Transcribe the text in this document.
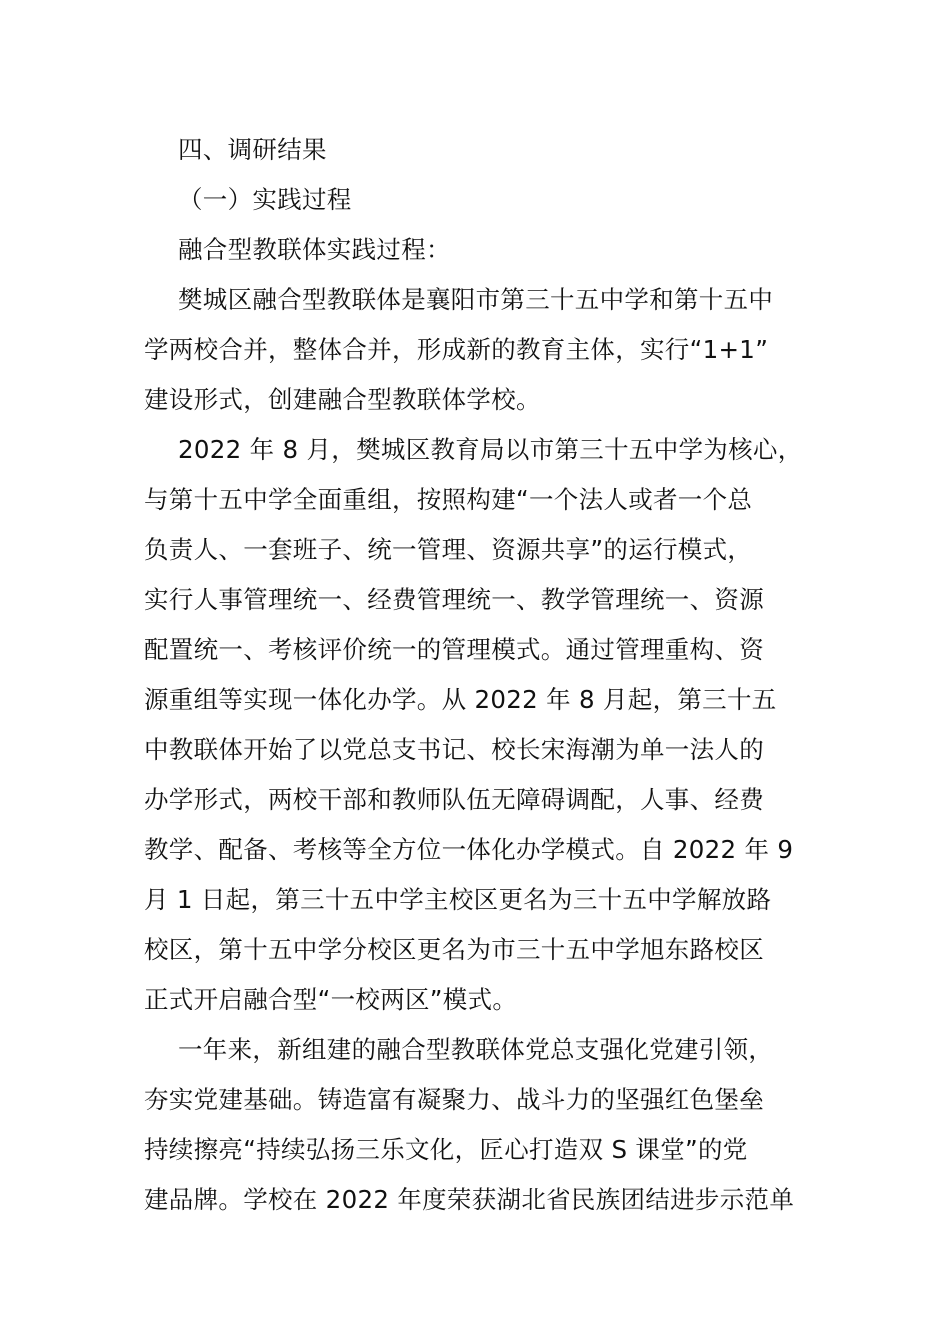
四、调研结果
（一）实践过程
融合型教联体实践过程：
樊城区融合型教联体是襄阳市第三十五中学和第十五中
学两校合并，整体合并，形成新的教育主体，实行“1+1”
建设形式，创建融合型教联体学校。
2022 年 8 月，樊城区教育局以市第三十五中学为核心，
与第十五中学全面重组，按照构建“一个法人或者一个总
负责人、一套班子、统一管理、资源共享”的运行模式，
实行人事管理统一、经费管理统一、教学管理统一、资源
配置统一、考核评价统一的管理模式。通过管理重构、资
源重组等实现一体化办学。从 2022 年 8 月起，第三十五
中教联体开始了以党总支书记、校长宋海潮为单一法人的
办学形式，两校干部和教师队伍无障碍调配，人事、经费
教学、配备、考核等全方位一体化办学模式。自 2022 年 9
月 1 日起，第三十五中学主校区更名为三十五中学解放路
校区，第十五中学分校区更名为市三十五中学旭东路校区
正式开启融合型“一校两区”模式。
一年来，新组建的融合型教联体党总支强化党建引领，
夯实党建基础。铸造富有凝聚力、战斗力的坚强红色堡垒
持续擦亮“持续弘扬三乐文化，匠心打造双 S 课堂”的党
建品牌。学校在 2022 年度荣获湖北省民族团结进步示范单
